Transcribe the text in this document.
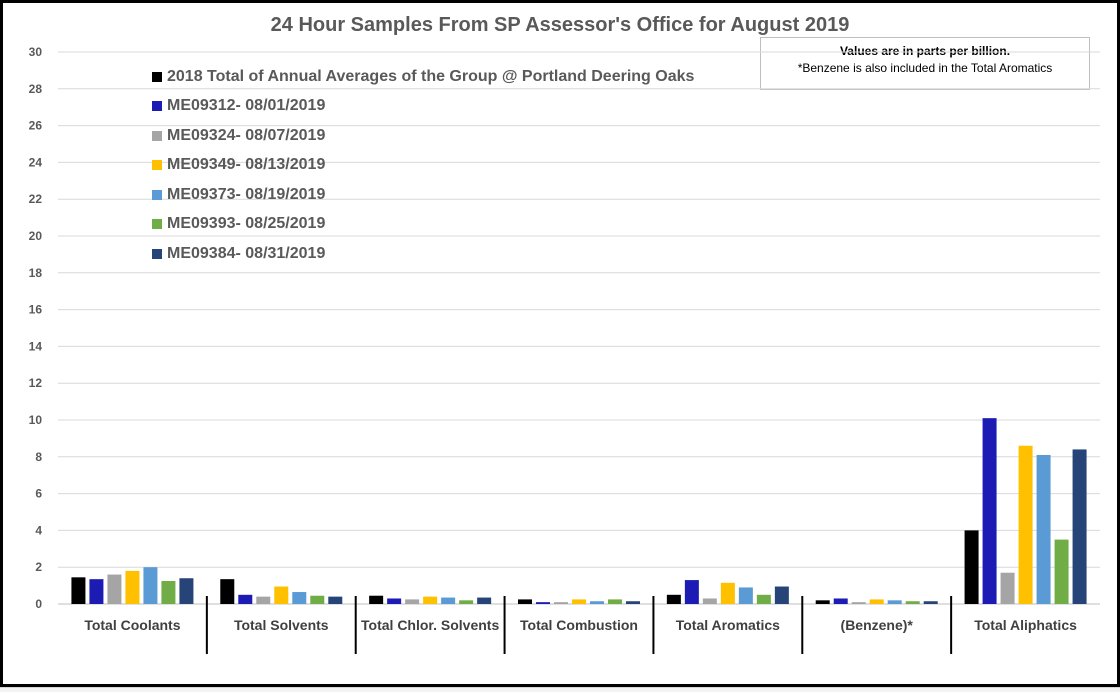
24 Hour Samples From SP Assessor's Office for August 2019
Values are in parts per billion.
*Benzene is also included in the Total Aromatics
0
2
4
6
8
10
12
14
16
18
20
22
24
26
28
30
Total Coolants	Total Solvents Total Chlor. Solvents Total Combustion	Total Aromatics	(Benzene)*	Total Aliphatics
2018 Total of Annual Averages of the Group @ Portland Deering Oaks
ME09312- 08/01/2019
ME09324- 08/07/2019
ME09349- 08/13/2019
ME09373- 08/19/2019
ME09393- 08/25/2019
ME09384- 08/31/2019
